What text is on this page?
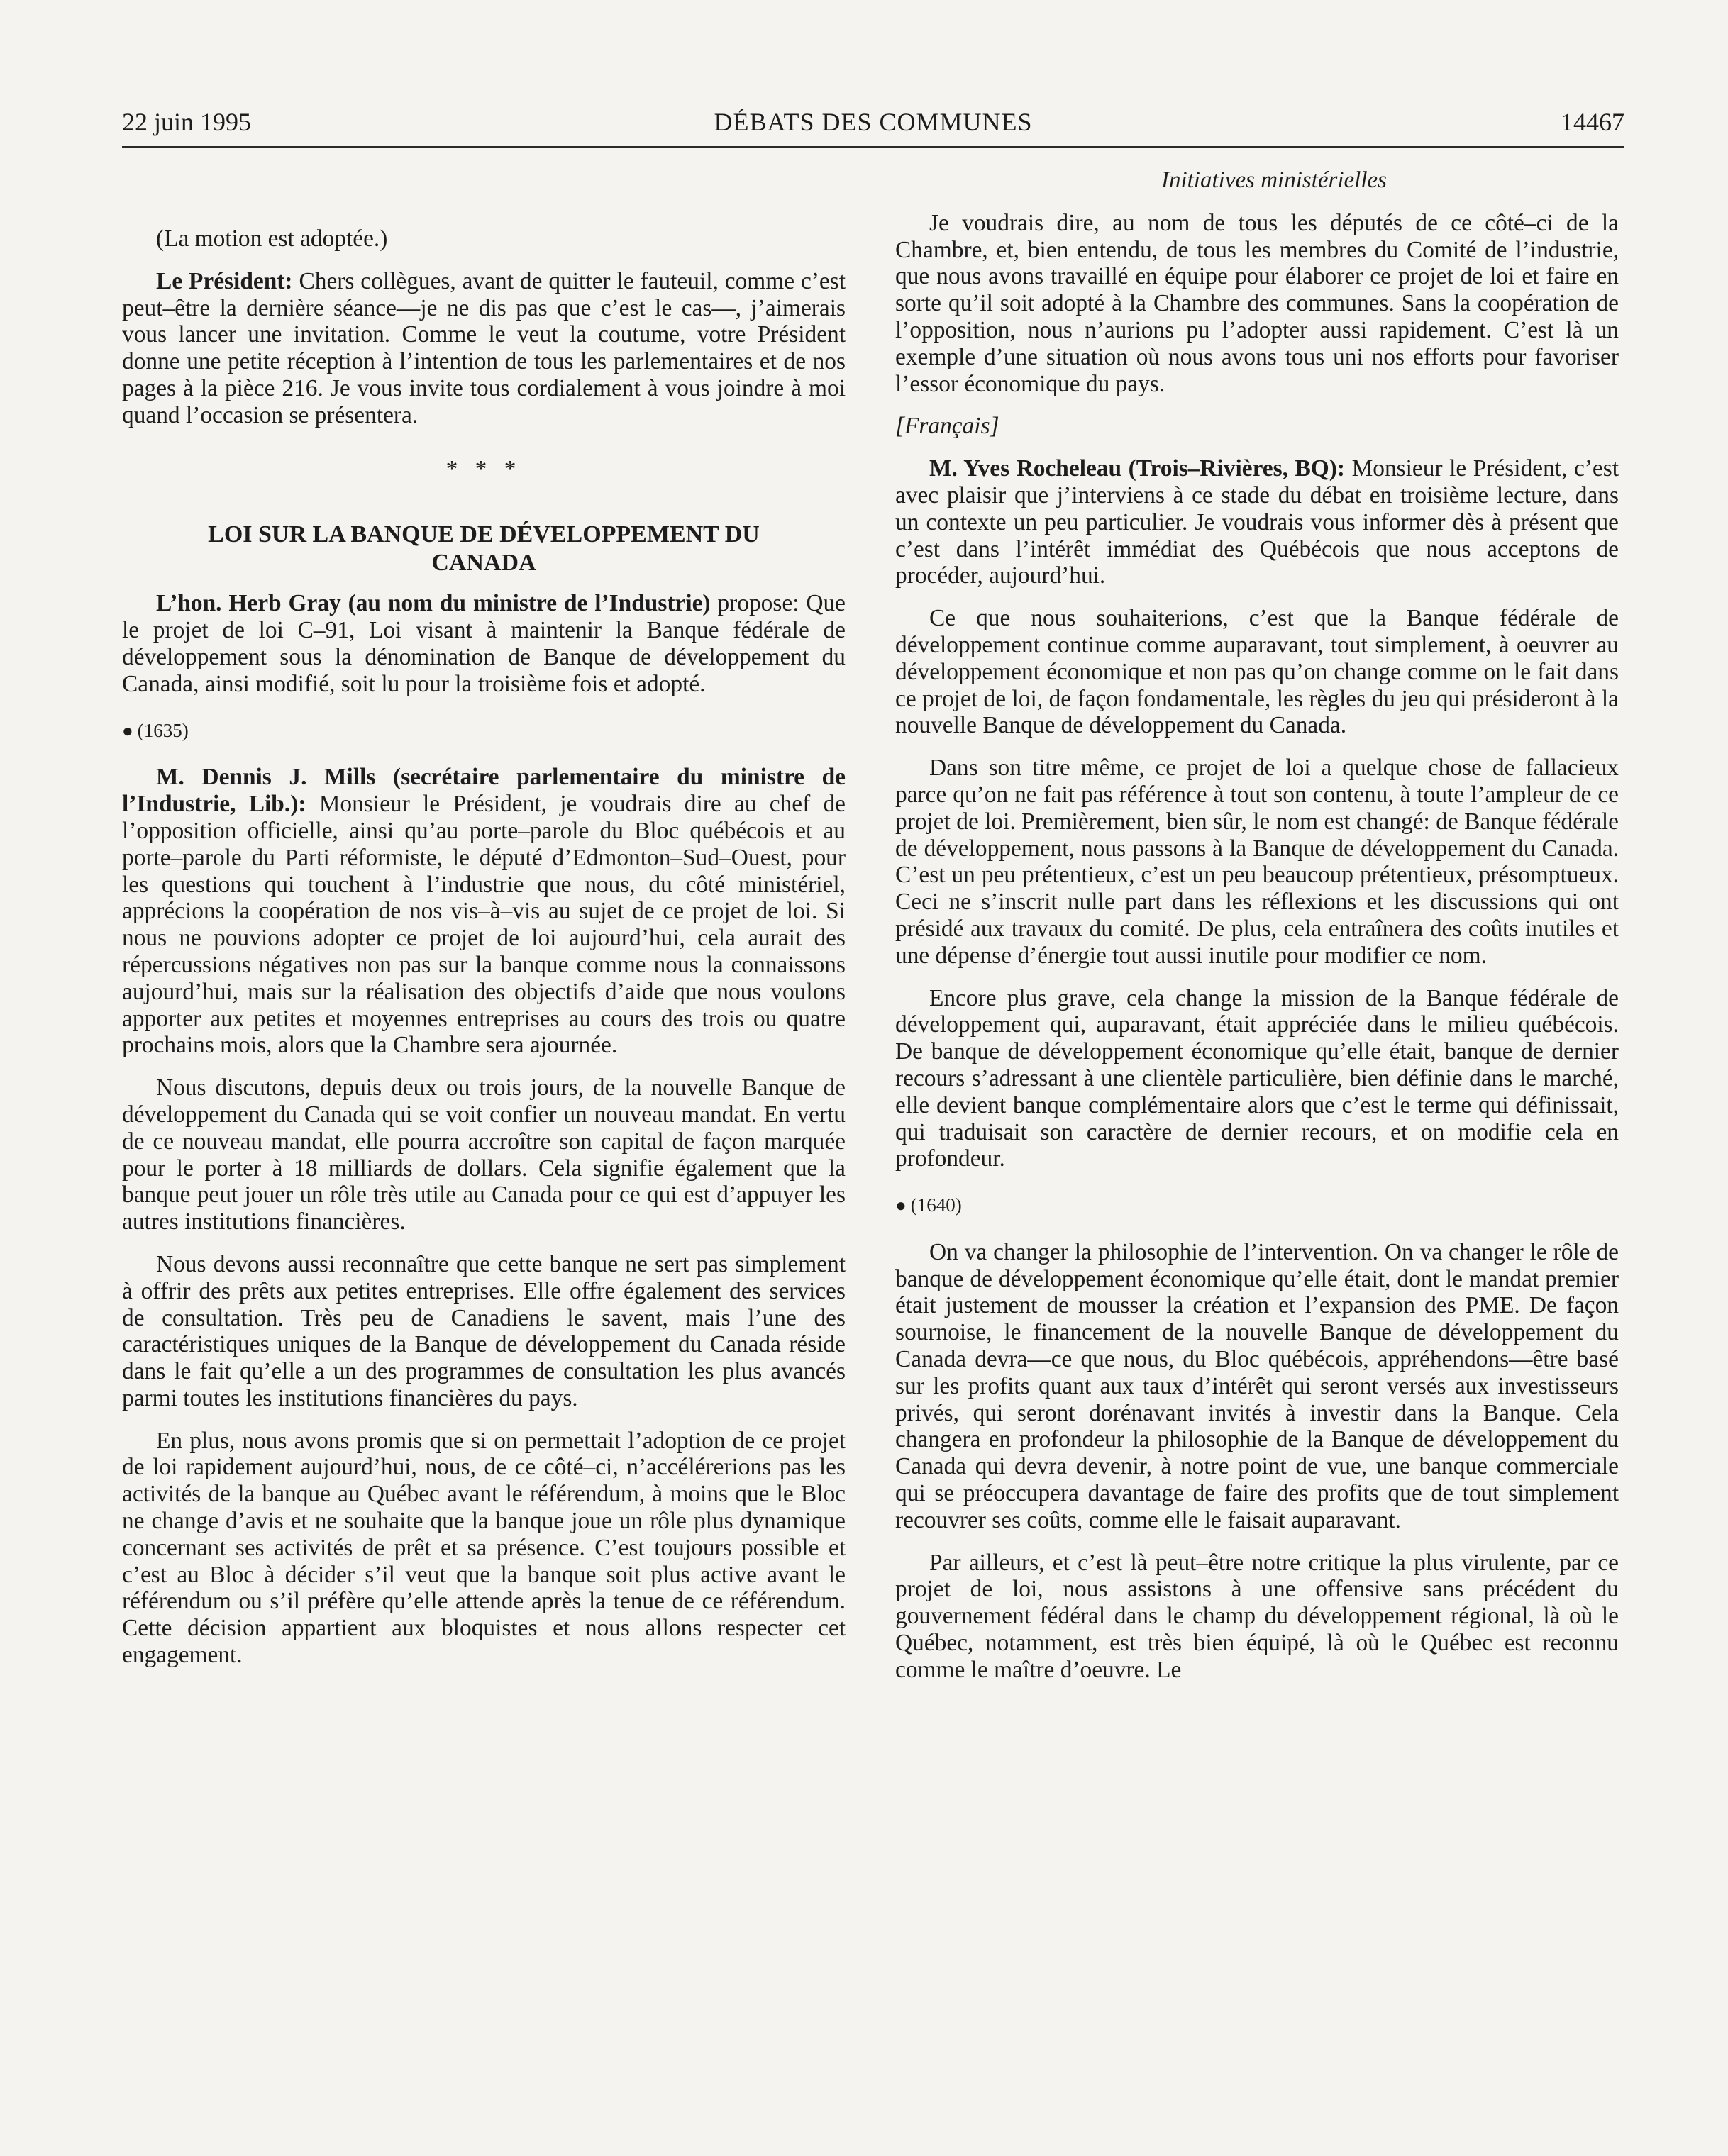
22 juin 1995	DÉBATS DES COMMUNES	14467

(La motion est adoptée.)

Le Président: Chers collègues, avant de quitter le fauteuil, comme c’est peut–être la dernière séance—je ne dis pas que c’est le cas—, j’aimerais vous lancer une invitation. Comme le veut la coutume, votre Président donne une petite réception à l’intention de tous les parlementaires et de nos pages à la pièce 216. Je vous invite tous cordialement à vous joindre à moi quand l’occasion se présentera.

* * *

LOI SUR LA BANQUE DE DÉVELOPPEMENT DU CANADA

L’hon. Herb Gray (au nom du ministre de l’Industrie) propose: Que le projet de loi C–91, Loi visant à maintenir la Banque fédérale de développement sous la dénomination de Banque de développement du Canada, ainsi modifié, soit lu pour la troisième fois et adopté.

● (1635)

M. Dennis J. Mills (secrétaire parlementaire du ministre de l’Industrie, Lib.): Monsieur le Président, je voudrais dire au chef de l’opposition officielle, ainsi qu’au porte–parole du Bloc québécois et au porte–parole du Parti réformiste, le député d’Edmonton–Sud–Ouest, pour les questions qui touchent à l’industrie que nous, du côté ministériel, apprécions la coopération de nos vis–à–vis au sujet de ce projet de loi. Si nous ne pouvions adopter ce projet de loi aujourd’hui, cela aurait des répercussions négatives non pas sur la banque comme nous la connaissons aujourd’hui, mais sur la réalisation des objectifs d’aide que nous voulons apporter aux petites et moyennes entreprises au cours des trois ou quatre prochains mois, alors que la Chambre sera ajournée.

Nous discutons, depuis deux ou trois jours, de la nouvelle Banque de développement du Canada qui se voit confier un nouveau mandat. En vertu de ce nouveau mandat, elle pourra accroître son capital de façon marquée pour le porter à 18 milliards de dollars. Cela signifie également que la banque peut jouer un rôle très utile au Canada pour ce qui est d’appuyer les autres institutions financières.

Nous devons aussi reconnaître que cette banque ne sert pas simplement à offrir des prêts aux petites entreprises. Elle offre également des services de consultation. Très peu de Canadiens le savent, mais l’une des caractéristiques uniques de la Banque de développement du Canada réside dans le fait qu’elle a un des programmes de consultation les plus avancés parmi toutes les institutions financières du pays.

En plus, nous avons promis que si on permettait l’adoption de ce projet de loi rapidement aujourd’hui, nous, de ce côté–ci, n’accélérerions pas les activités de la banque au Québec avant le référendum, à moins que le Bloc ne change d’avis et ne souhaite que la banque joue un rôle plus dynamique concernant ses activités de prêt et sa présence. C’est toujours possible et c’est au Bloc à décider s’il veut que la banque soit plus active avant le référendum ou s’il préfère qu’elle attende après la tenue de ce référendum. Cette décision appartient aux bloquistes et nous allons respecter cet engagement.

Initiatives ministérielles

Je voudrais dire, au nom de tous les députés de ce côté–ci de la Chambre, et, bien entendu, de tous les membres du Comité de l’industrie, que nous avons travaillé en équipe pour élaborer ce projet de loi et faire en sorte qu’il soit adopté à la Chambre des communes. Sans la coopération de l’opposition, nous n’aurions pu l’adopter aussi rapidement. C’est là un exemple d’une situation où nous avons tous uni nos efforts pour favoriser l’essor économique du pays.

[Français]

M. Yves Rocheleau (Trois–Rivières, BQ): Monsieur le Président, c’est avec plaisir que j’interviens à ce stade du débat en troisième lecture, dans un contexte un peu particulier. Je voudrais vous informer dès à présent que c’est dans l’intérêt immédiat des Québécois que nous acceptons de procéder, aujourd’hui.

Ce que nous souhaiterions, c’est que la Banque fédérale de développement continue comme auparavant, tout simplement, à oeuvrer au développement économique et non pas qu’on change comme on le fait dans ce projet de loi, de façon fondamentale, les règles du jeu qui présideront à la nouvelle Banque de développement du Canada.

Dans son titre même, ce projet de loi a quelque chose de fallacieux parce qu’on ne fait pas référence à tout son contenu, à toute l’ampleur de ce projet de loi. Premièrement, bien sûr, le nom est changé: de Banque fédérale de développement, nous passons à la Banque de développement du Canada. C’est un peu prétentieux, c’est un peu beaucoup prétentieux, présomptueux. Ceci ne s’inscrit nulle part dans les réflexions et les discussions qui ont présidé aux travaux du comité. De plus, cela entraînera des coûts inutiles et une dépense d’énergie tout aussi inutile pour modifier ce nom.

Encore plus grave, cela change la mission de la Banque fédérale de développement qui, auparavant, était appréciée dans le milieu québécois. De banque de développement économique qu’elle était, banque de dernier recours s’adressant à une clientèle particulière, bien définie dans le marché, elle devient banque complémentaire alors que c’est le terme qui définissait, qui traduisait son caractère de dernier recours, et on modifie cela en profondeur.

● (1640)

On va changer la philosophie de l’intervention. On va changer le rôle de banque de développement économique qu’elle était, dont le mandat premier était justement de mousser la création et l’expansion des PME. De façon sournoise, le financement de la nouvelle Banque de développement du Canada devra—ce que nous, du Bloc québécois, appréhendons—être basé sur les profits quant aux taux d’intérêt qui seront versés aux investisseurs privés, qui seront dorénavant invités à investir dans la Banque. Cela changera en profondeur la philosophie de la Banque de développement du Canada qui devra devenir, à notre point de vue, une banque commerciale qui se préoccupera davantage de faire des profits que de tout simplement recouvrer ses coûts, comme elle le faisait auparavant.

Par ailleurs, et c’est là peut–être notre critique la plus virulente, par ce projet de loi, nous assistons à une offensive sans précédent du gouvernement fédéral dans le champ du développement régional, là où le Québec, notamment, est très bien équipé, là où le Québec est reconnu comme le maître d’oeuvre. Le
